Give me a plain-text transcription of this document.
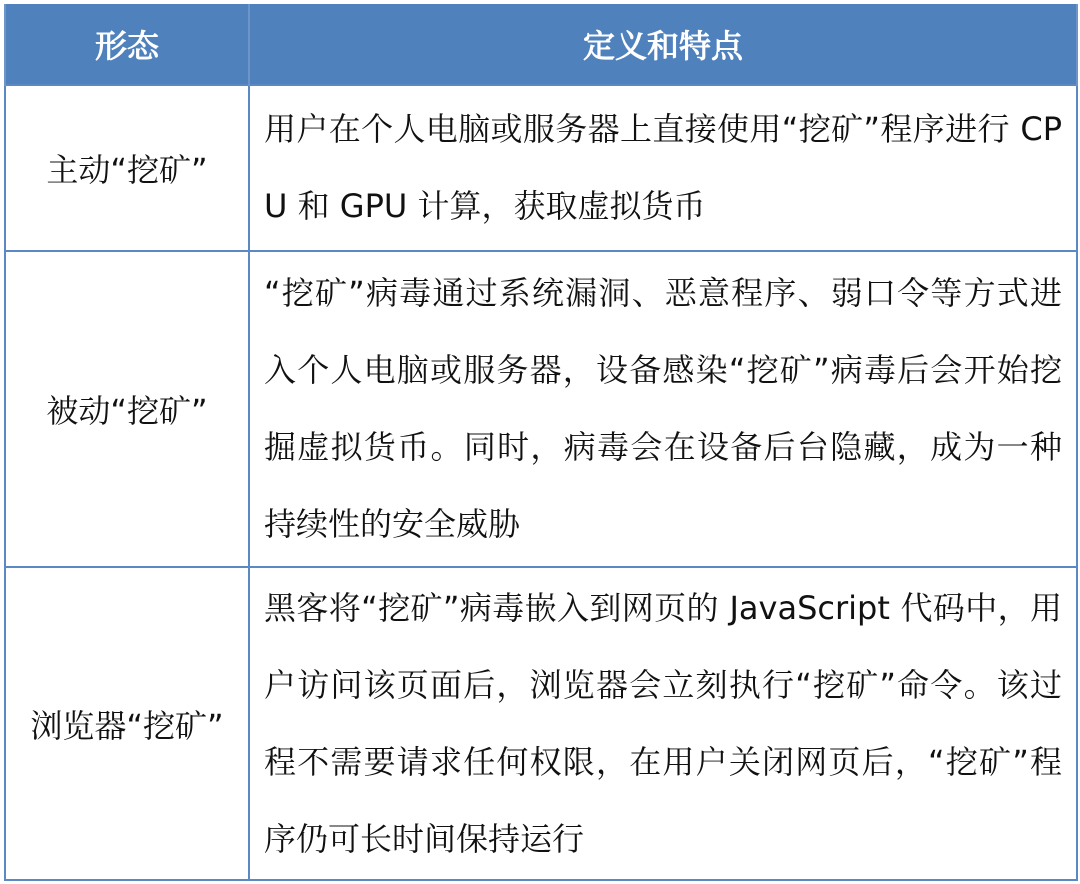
形态	定义和特点
主动“挖矿”	用户在个人电脑或服务器上直接使用“挖矿”程序进行 CPU 和 GPU 计算，获取虚拟货币
被动“挖矿”	“挖矿”病毒通过系统漏洞、恶意程序、弱口令等方式进入个人电脑或服务器，设备感染“挖矿”病毒后会开始挖掘虚拟货币。同时，病毒会在设备后台隐藏，成为一种持续性的安全威胁
浏览器“挖矿”	黑客将“挖矿”病毒嵌入到网页的 JavaScript 代码中，用户访问该页面后，浏览器会立刻执行“挖矿”命令。该过程不需要请求任何权限，在用户关闭网页后，“挖矿”程序仍可长时间保持运行
